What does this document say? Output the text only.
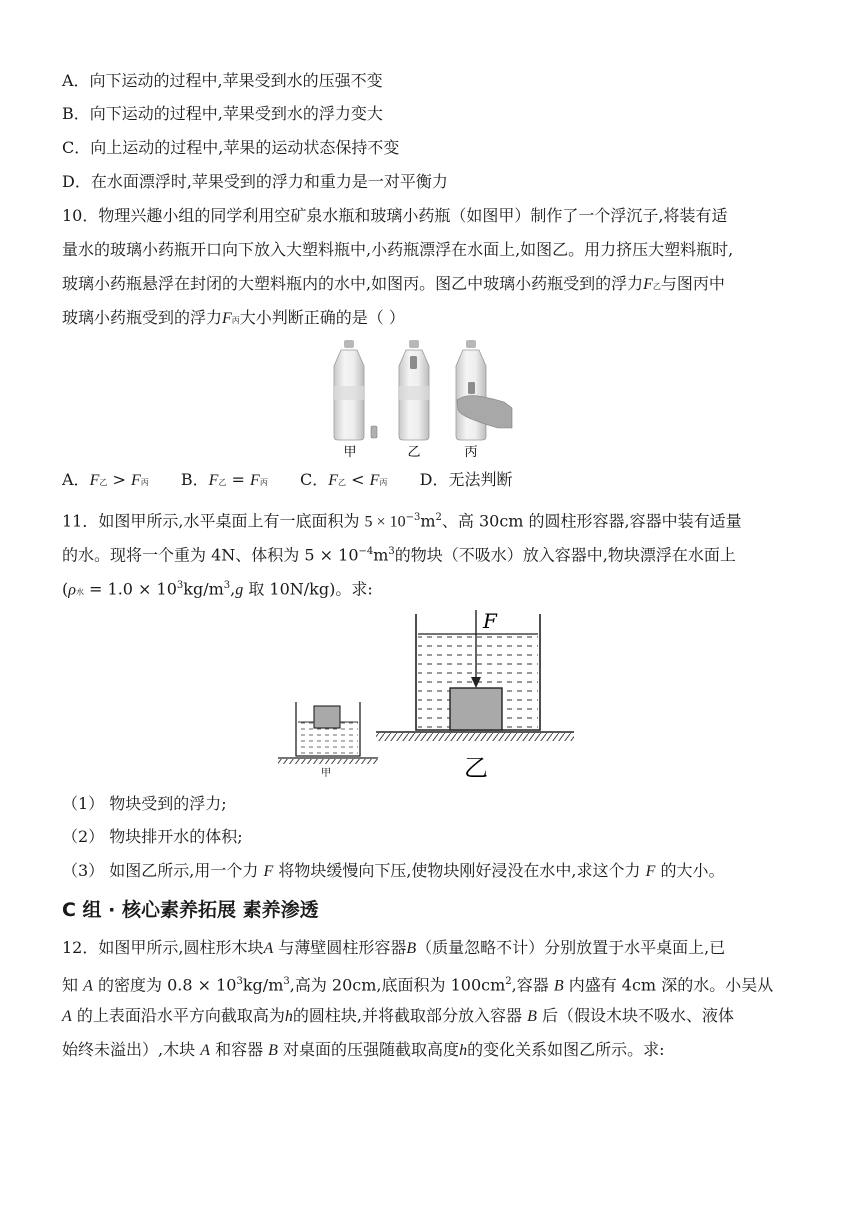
A．向下运动的过程中,苹果受到水的压强不变
B．向下运动的过程中,苹果受到水的浮力变大
C．向上运动的过程中,苹果的运动状态保持不变
D．在水面漂浮时,苹果受到的浮力和重力是一对平衡力
10．物理兴趣小组的同学利用空矿泉水瓶和玻璃小药瓶（如图甲）制作了一个浮沉子,将装有适
量水的玻璃小药瓶开口向下放入大塑料瓶中,小药瓶漂浮在水面上,如图乙。用力挤压大塑料瓶时,
玻璃小药瓶悬浮在封闭的大塑料瓶内的水中,如图丙。图乙中玻璃小药瓶受到的浮力F乙与图丙中
玻璃小药瓶受到的浮力F丙大小判断正确的是（ ）
甲	乙	丙
A．F乙 > F丙 B．F乙 = F丙 C．F乙 < F丙 D．无法判断
11．如图甲所示,水平桌面上有一底面积为 $5 \times 10^{-3}m^2$、高 30cm 的圆柱形容器,容器中装有适量
的水。现将一个重为 4N、体积为 $5 \times 10^{-4}m^3$的物块（不吸水）放入容器中,物块漂浮在水面上
(ρ水 = $1.0 \times 10^3kg/m^3,g$ 取 10N/kg)。求:
甲
F
乙
（1） 物块受到的浮力;
（2） 物块排开水的体积;
（3） 如图乙所示,用一个力 F 将物块缓慢向下压,使物块刚好浸没在水中,求这个力 F 的大小。
C 组 · 核心素养拓展 素养渗透
12．如图甲所示,圆柱形木块A 与薄壁圆柱形容器B（质量忽略不计）分别放置于水平桌面上,已
知 A 的密度为 $0.8 \times 10^3kg/m^3$,高为 20cm,底面积为 $100cm^2$,容器 B 内盛有 4cm 深的水。小吴从
A 的上表面沿水平方向截取高为h的圆柱块,并将截取部分放入容器 B 后（假设木块不吸水、液体
始终未溢出）,木块 A 和容器 B 对桌面的压强随截取高度h的变化关系如图乙所示。求:
